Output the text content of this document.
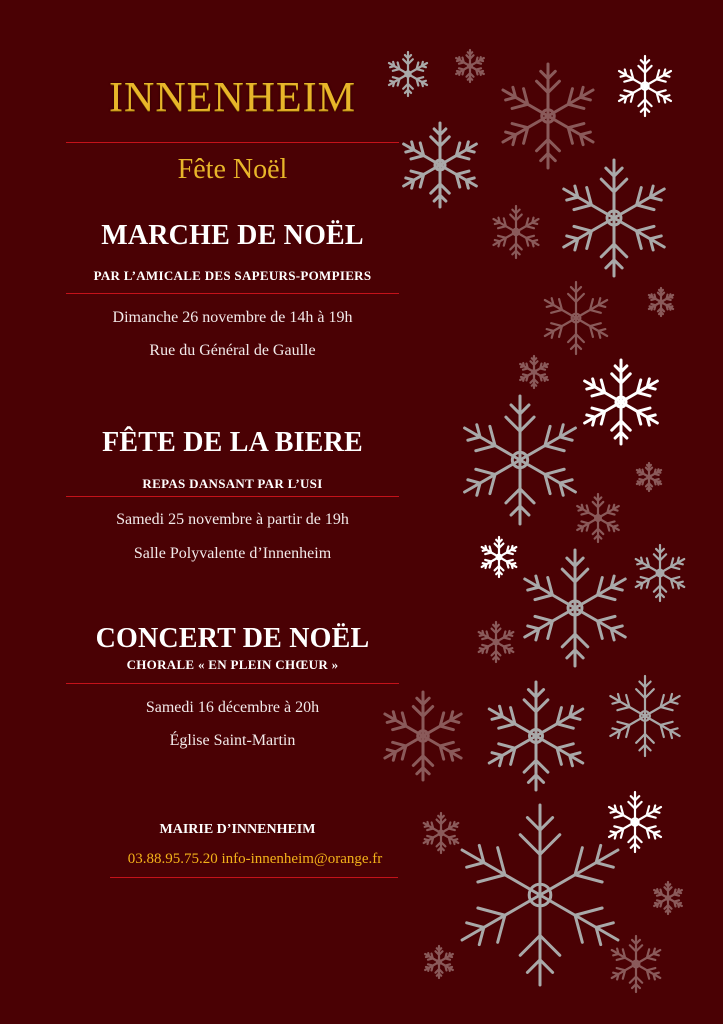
INNENHEIM
Fête Noël
MARCHE DE NOËL
PAR L’AMICALE DES SAPEURS-POMPIERS
Dimanche 26 novembre de 14h à 19h
Rue du Général de Gaulle
FÊTE DE LA BIERE
REPAS DANSANT PAR L’USI
Samedi 25 novembre à partir de 19h
Salle Polyvalente d’Innenheim
CONCERT DE NOËL
CHORALE « EN PLEIN CHŒUR »
Samedi 16 décembre à 20h
Église Saint-Martin
MAIRIE D’INNENHEIM
03.88.95.75.20 info-innenheim@orange.fr
